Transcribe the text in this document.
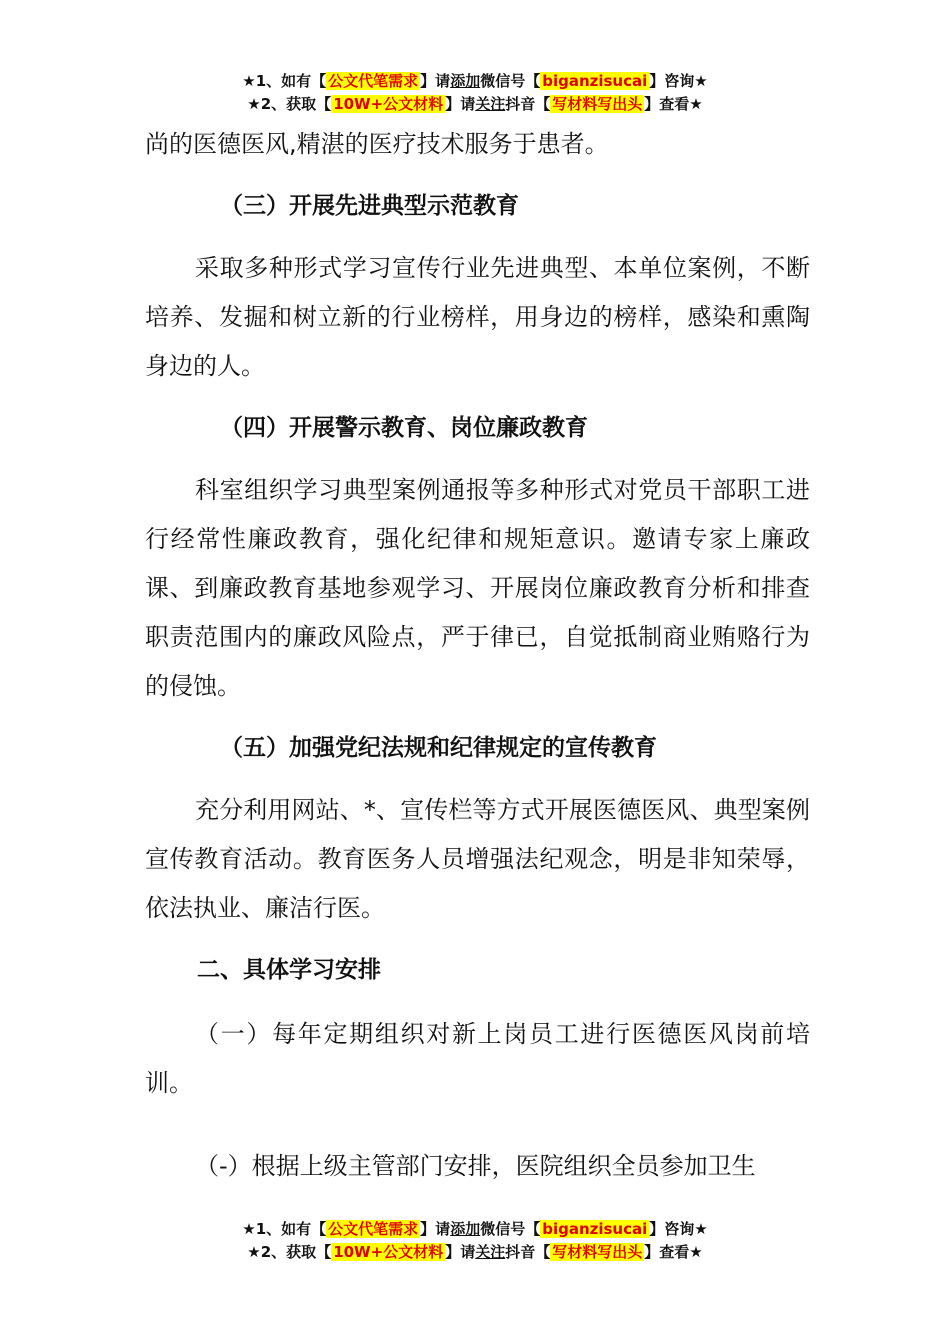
★1、如有【 公文代笔需求 】请添加微信号【 biganzisucai 】咨询★
★2、获取【 10W+公文材料 】请关注抖音【 写材料写出头 】查看★

尚的医德医风,精湛的医疗技术服务于患者。

（三）开展先进典型示范教育

采取多种形式学习宣传行业先进典型、本单位案例，不断培养、发掘和树立新的行业榜样，用身边的榜样，感染和熏陶身边的人。

（四）开展警示教育、岗位廉政教育

科室组织学习典型案例通报等多种形式对党员干部职工进行经常性廉政教育，强化纪律和规矩意识。邀请专家上廉政课、到廉政教育基地参观学习、开展岗位廉政教育分析和排查职责范围内的廉政风险点，严于律已，自觉抵制商业贿赂行为的侵蚀。

（五）加强党纪法规和纪律规定的宣传教育

充分利用网站、*、宣传栏等方式开展医德医风、典型案例宣传教育活动。教育医务人员增强法纪观念，明是非知荣辱，依法执业、廉洁行医。

二、具体学习安排

（一）每年定期组织对新上岗员工进行医德医风岗前培训。

（-）根据上级主管部门安排，医院组织全员参加卫生

★1、如有【 公文代笔需求 】请添加微信号【 biganzisucai 】咨询★
★2、获取【 10W+公文材料 】请关注抖音【 写材料写出头 】查看★
